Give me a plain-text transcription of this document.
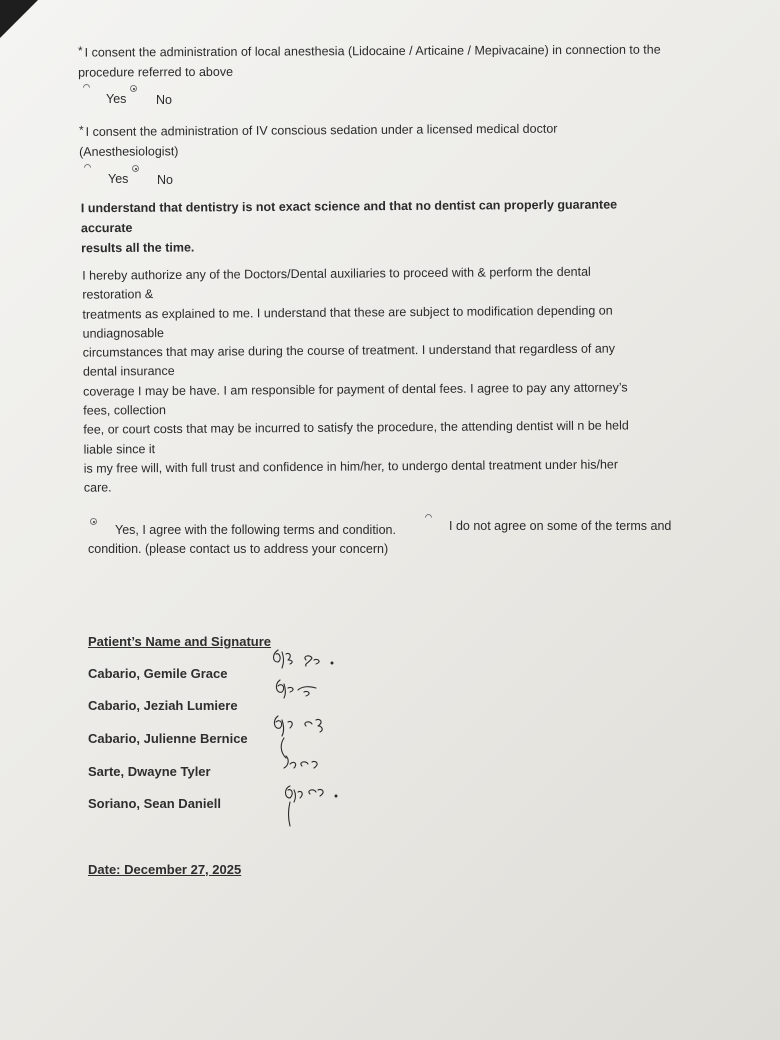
* I consent the administration of local anesthesia (Lidocaine / Articaine / Mepivacaine) in connection to the procedure referred to above
Yes No
* I consent the administration of IV conscious sedation under a licensed medical doctor (Anesthesiologist)
Yes No

I understand that dentistry is not exact science and that no dentist can properly guarantee

accurate

results all the time.

I hereby authorize any of the Doctors/Dental auxiliaries to proceed with & perform the dental

restoration &

treatments as explained to me. I understand that these are subject to modification depending on

undiagnosable

circumstances that may arise during the course of treatment. I understand that regardless of any

dental insurance

coverage I may be have. I am responsible for payment of dental fees. I agree to pay any attorney’s

fees, collection

fee, or court costs that may be incurred to satisfy the procedure, the attending dentist will n be held

liable since it

is my free will, with full trust and confidence in him/her, to undergo dental treatment under his/her

care.

Yes, I agree with the following terms and condition.	I do not agree on some of the terms and
condition. (please contact us to address your concern)
Patient’s Name and Signature
Cabario, Gemile Grace
Cabario, Jeziah Lumiere
Cabario, Julienne Bernice
Sarte, Dwayne Tyler
Soriano, Sean Daniell
Date: December 27, 2025
